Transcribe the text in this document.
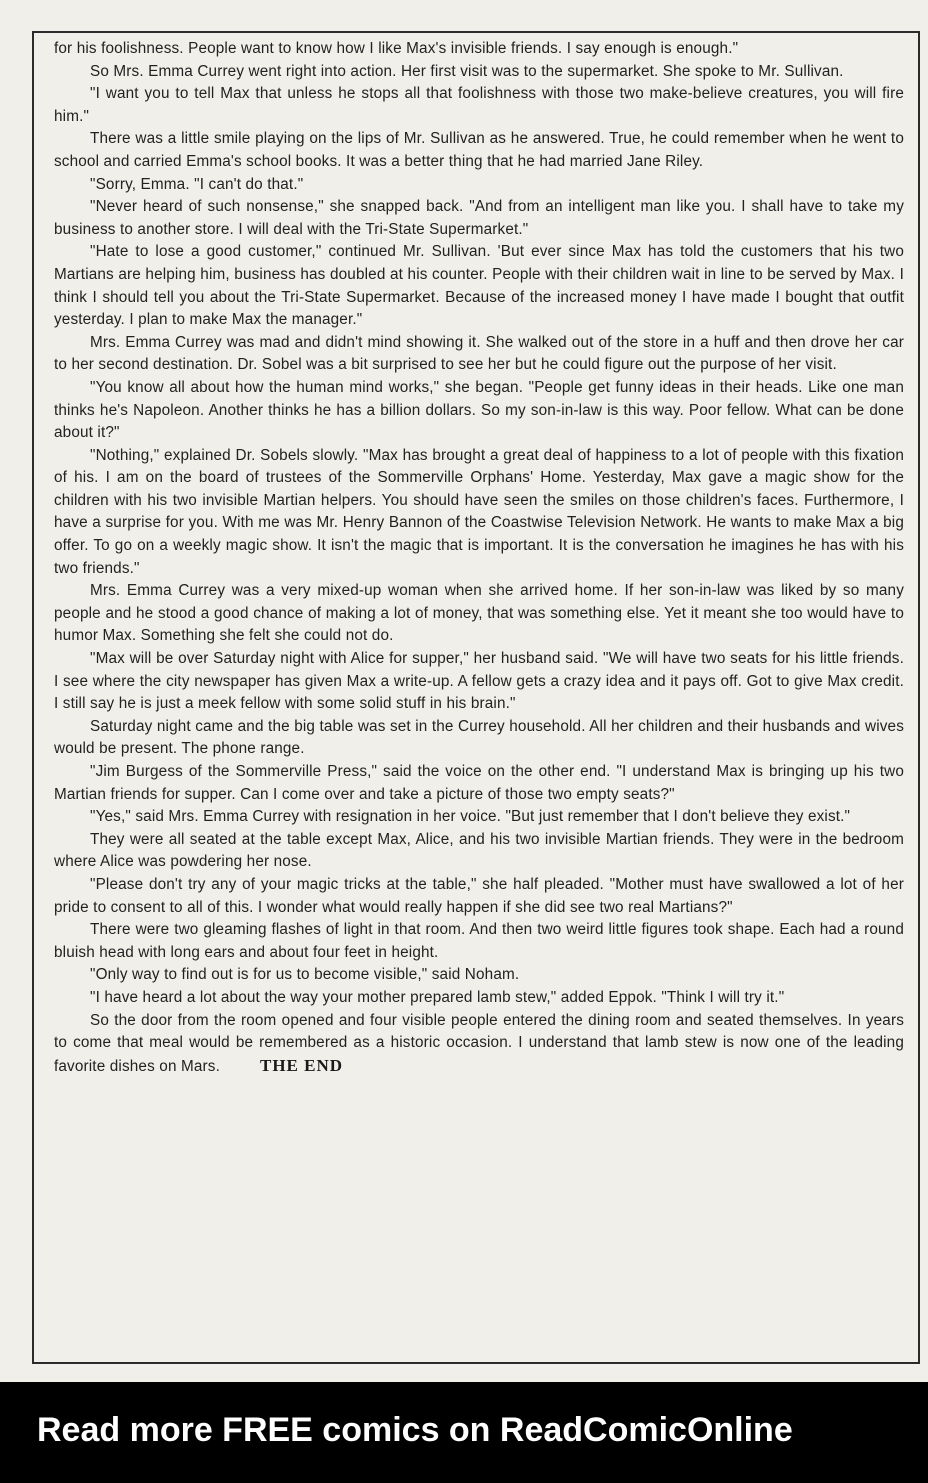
for his foolishness. People want to know how I like Max's invisible friends. I say enough is enough."

So Mrs. Emma Currey went right into action. Her first visit was to the supermarket. She spoke to Mr. Sullivan.

"I want you to tell Max that unless he stops all that foolishness with those two make-believe creatures, you will fire him."

There was a little smile playing on the lips of Mr. Sullivan as he answered. True, he could remember when he went to school and carried Emma's school books. It was a better thing that he had married Jane Riley.

"Sorry, Emma. "I can't do that."

"Never heard of such nonsense," she snapped back. "And from an intelligent man like you. I shall have to take my business to another store. I will deal with the Tri-State Supermarket."

"Hate to lose a good customer," continued Mr. Sullivan. 'But ever since Max has told the customers that his two Martians are helping him, business has doubled at his counter. People with their children wait in line to be served by Max. I think I should tell you about the Tri-State Supermarket. Because of the increased money I have made I bought that outfit yesterday. I plan to make Max the manager."

Mrs. Emma Currey was mad and didn't mind showing it. She walked out of the store in a huff and then drove her car to her second destination. Dr. Sobel was a bit surprised to see her but he could figure out the purpose of her visit.

"You know all about how the human mind works," she began. "People get funny ideas in their heads. Like one man thinks he's Napoleon. Another thinks he has a billion dollars. So my son-in-law is this way. Poor fellow. What can be done about it?"

"Nothing," explained Dr. Sobels slowly. "Max has brought a great deal of happiness to a lot of people with this fixation of his. I am on the board of trustees of the Sommerville Orphans' Home. Yesterday, Max gave a magic show for the children with his two invisible Martian helpers. You should have seen the smiles on those children's faces. Furthermore, I have a surprise for you. With me was Mr. Henry Bannon of the Coastwise Television Network. He wants to make Max a big offer. To go on a weekly magic show. It isn't the magic that is important. It is the conversation he imagines he has with his two friends."

Mrs. Emma Currey was a very mixed-up woman when she arrived home. If her son-in-law was liked by so many people and he stood a good chance of making a lot of money, that was something else. Yet it meant she too would have to humor Max. Something she felt she could not do.

"Max will be over Saturday night with Alice for supper," her husband said. "We will have two seats for his little friends. I see where the city newspaper has given Max a write-up. A fellow gets a crazy idea and it pays off. Got to give Max credit. I still say he is just a meek fellow with some solid stuff in his brain."

Saturday night came and the big table was set in the Currey household. All her children and their husbands and wives would be present. The phone range.

"Jim Burgess of the Sommerville Press," said the voice on the other end. "I understand Max is bringing up his two Martian friends for supper. Can I come over and take a picture of those two empty seats?"

"Yes," said Mrs. Emma Currey with resignation in her voice. "But just remember that I don't believe they exist."

They were all seated at the table except Max, Alice, and his two invisible Martian friends. They were in the bedroom where Alice was powdering her nose.

"Please don't try any of your magic tricks at the table," she half pleaded. "Mother must have swallowed a lot of her pride to consent to all of this. I wonder what would really happen if she did see two real Martians?"

There were two gleaming flashes of light in that room. And then two weird little figures took shape. Each had a round bluish head with long ears and about four feet in height.

"Only way to find out is for us to become visible," said Noham.

"I have heard a lot about the way your mother prepared lamb stew," added Eppok. "Think I will try it."

So the door from the room opened and four visible people entered the dining room and seated themselves. In years to come that meal would be remembered as a historic occasion. I understand that lamb stew is now one of the leading favorite dishes on Mars. THE END

Read more FREE comics on ReadComicOnline
